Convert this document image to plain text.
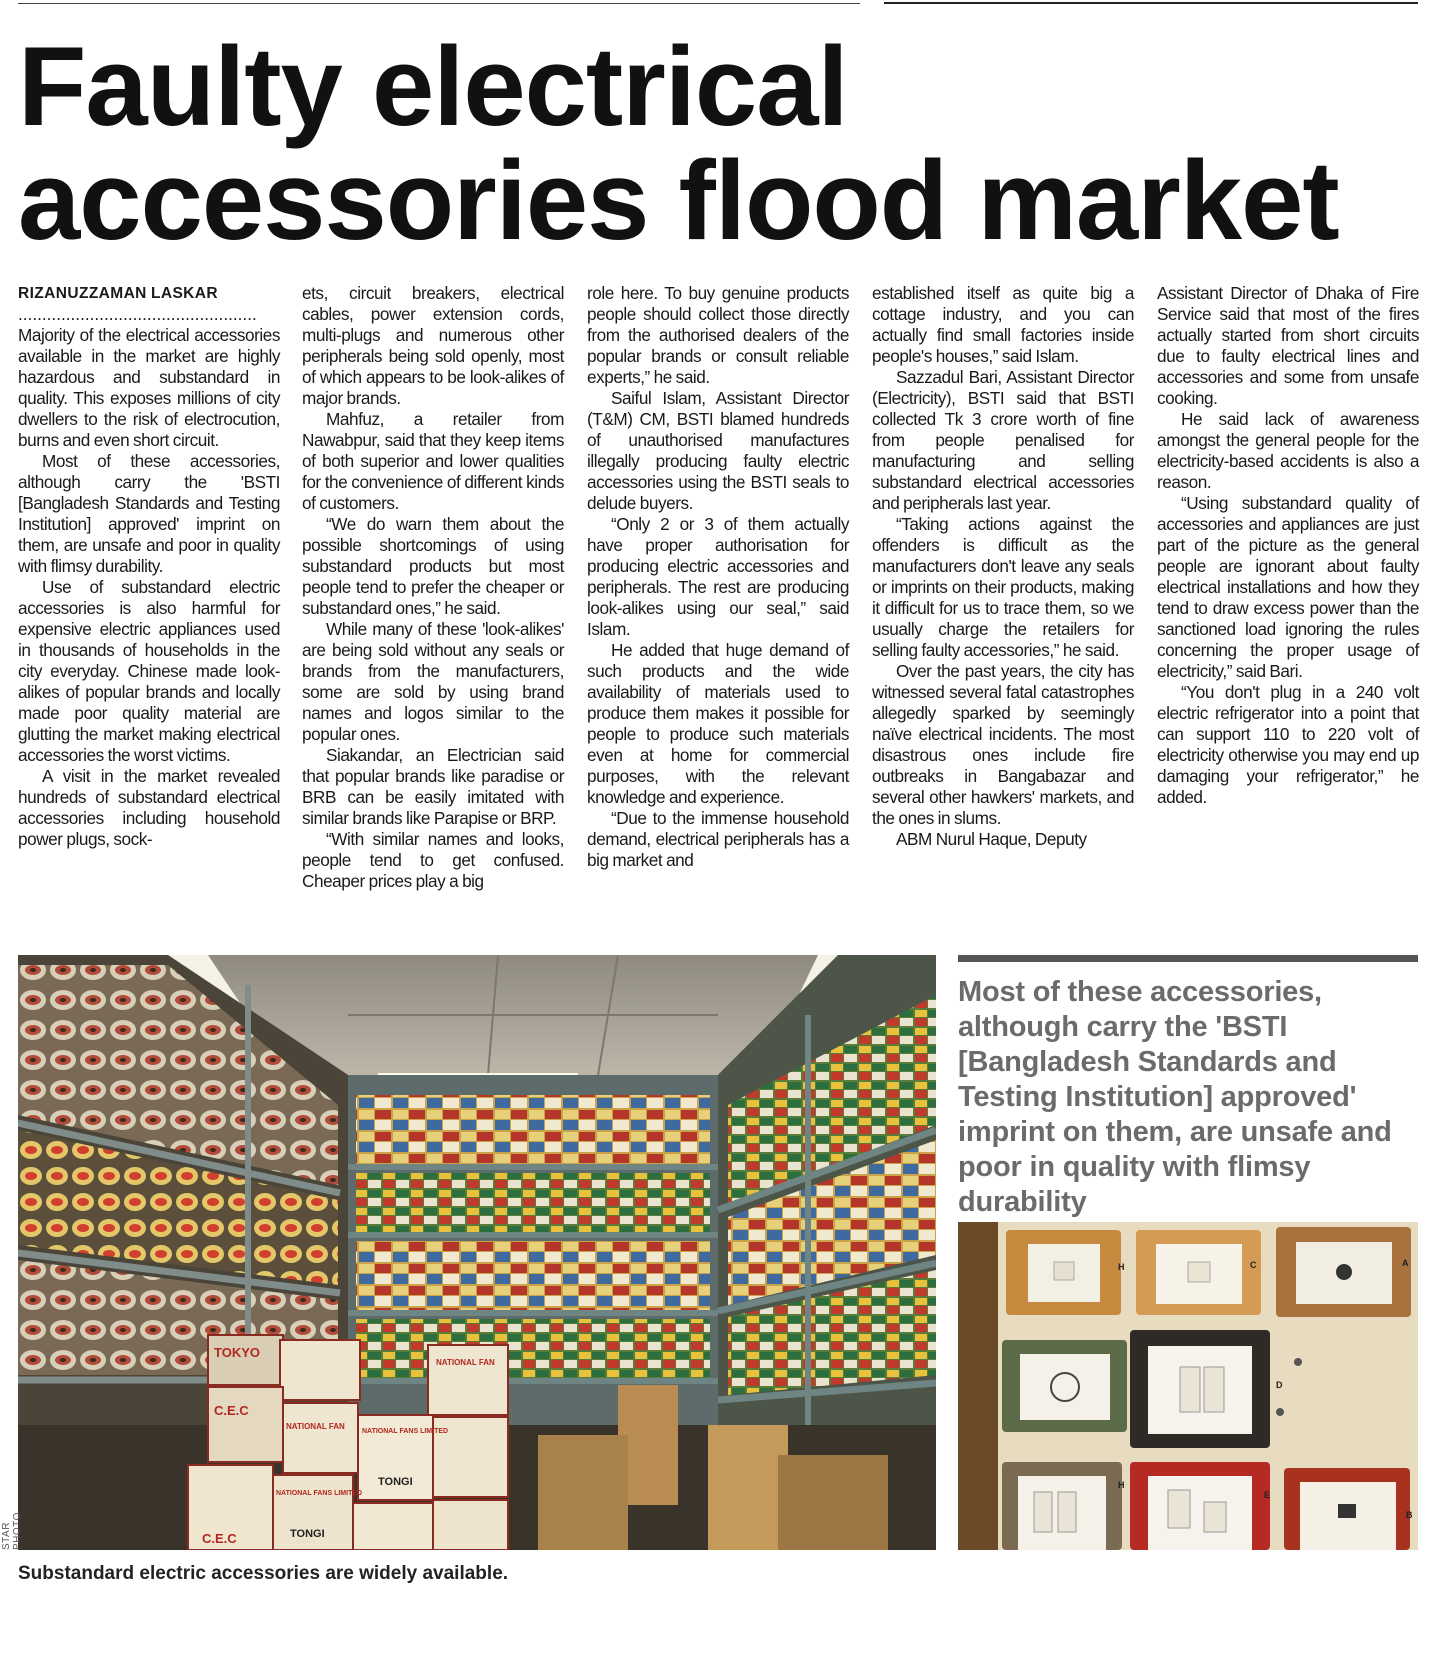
Faulty electrical accessories flood market
RIZANUZZAMAN LASKAR
..................................................

Majority of the electrical accessories available in the market are highly hazardous and substandard in quality. This exposes millions of city dwellers to the risk of electrocution, burns and even short circuit.

Most of these accessories, although carry the 'BSTI [Bangladesh Standards and Testing Institution] approved' imprint on them, are unsafe and poor in quality with flimsy durability.

Use of substandard electric accessories is also harmful for expensive electric appliances used in thousands of households in the city everyday. Chinese made look-alikes of popular brands and locally made poor quality material are glutting the market making electrical accessories the worst victims.

A visit in the market revealed hundreds of substandard electrical accessories including household power plugs, sock-

ets, circuit breakers, electrical cables, power extension cords, multi-plugs and numerous other peripherals being sold openly, most of which appears to be look-alikes of major brands.

Mahfuz, a retailer from Nawabpur, said that they keep items of both superior and lower qualities for the convenience of different kinds of customers.

“We do warn them about the possible shortcomings of using substandard products but most people tend to prefer the cheaper or substandard ones,” he said.

While many of these 'look-alikes' are being sold without any seals or brands from the manufacturers, some are sold by using brand names and logos similar to the popular ones.

Siakandar, an Electrician said that popular brands like paradise or BRB can be easily imitated with similar brands like Parapise or BRP.

“With similar names and looks, people tend to get confused. Cheaper prices play a big

role here. To buy genuine products people should collect those directly from the authorised dealers of the popular brands or consult reliable experts,” he said.

Saiful Islam, Assistant Director (T&M) CM, BSTI blamed hundreds of unauthorised manufactures illegally producing faulty electric accessories using the BSTI seals to delude buyers.

“Only 2 or 3 of them actually have proper authorisation for producing electric accessories and peripherals. The rest are producing look-alikes using our seal,” said Islam.

He added that huge demand of such products and the wide availability of materials used to produce them makes it possible for people to produce such materials even at home for commercial purposes, with the relevant knowledge and experience.

“Due to the immense household demand, electrical peripherals has a big market and

established itself as quite big a cottage industry, and you can actually find small factories inside people's houses,” said Islam.

Sazzadul Bari, Assistant Director (Electricity), BSTI said that BSTI collected Tk 3 crore worth of fine from people penalised for manufacturing and selling substandard electrical accessories and peripherals last year.

“Taking actions against the offenders is difficult as the manufacturers don't leave any seals or imprints on their products, making it difficult for us to trace them, so we usually charge the retailers for selling faulty accessories,” he said.

Over the past years, the city has witnessed several fatal catastrophes allegedly sparked by seemingly naïve electrical incidents. The most disastrous ones include fire outbreaks in Bangabazar and several other hawkers' markets, and the ones in slums.

ABM Nurul Haque, Deputy

Assistant Director of Dhaka of Fire Service said that most of the fires actually started from short circuits due to faulty electrical lines and accessories and some from unsafe cooking.

He said lack of awareness amongst the general people for the electricity-based accidents is also a reason.

“Using substandard quality of accessories and appliances are just part of the picture as the general people are ignorant about faulty electrical installations and how they tend to draw excess power than the sanctioned load ignoring the rules concerning the proper usage of electricity,” said Bari.

“You don't plug in a 240 volt electric refrigerator into a point that can support 110 to 220 volt of electricity otherwise you may end up damaging your refrigerator,” he added.

TOKYO
C.E.C
C.E.C
NATIONAL FAN
NATIONAL FAN
NATIONAL FANS LIMITED
TONGI
NATIONAL FANS LIMITED
TONGI
STAR PHOTO

Substandard electric accessories are widely available.

Most of these accessories, although carry the 'BSTI [Bangladesh Standards and Testing Institution] approved' imprint on them, are unsafe and poor in quality with flimsy durability

H	C	A
D
H
E
B
